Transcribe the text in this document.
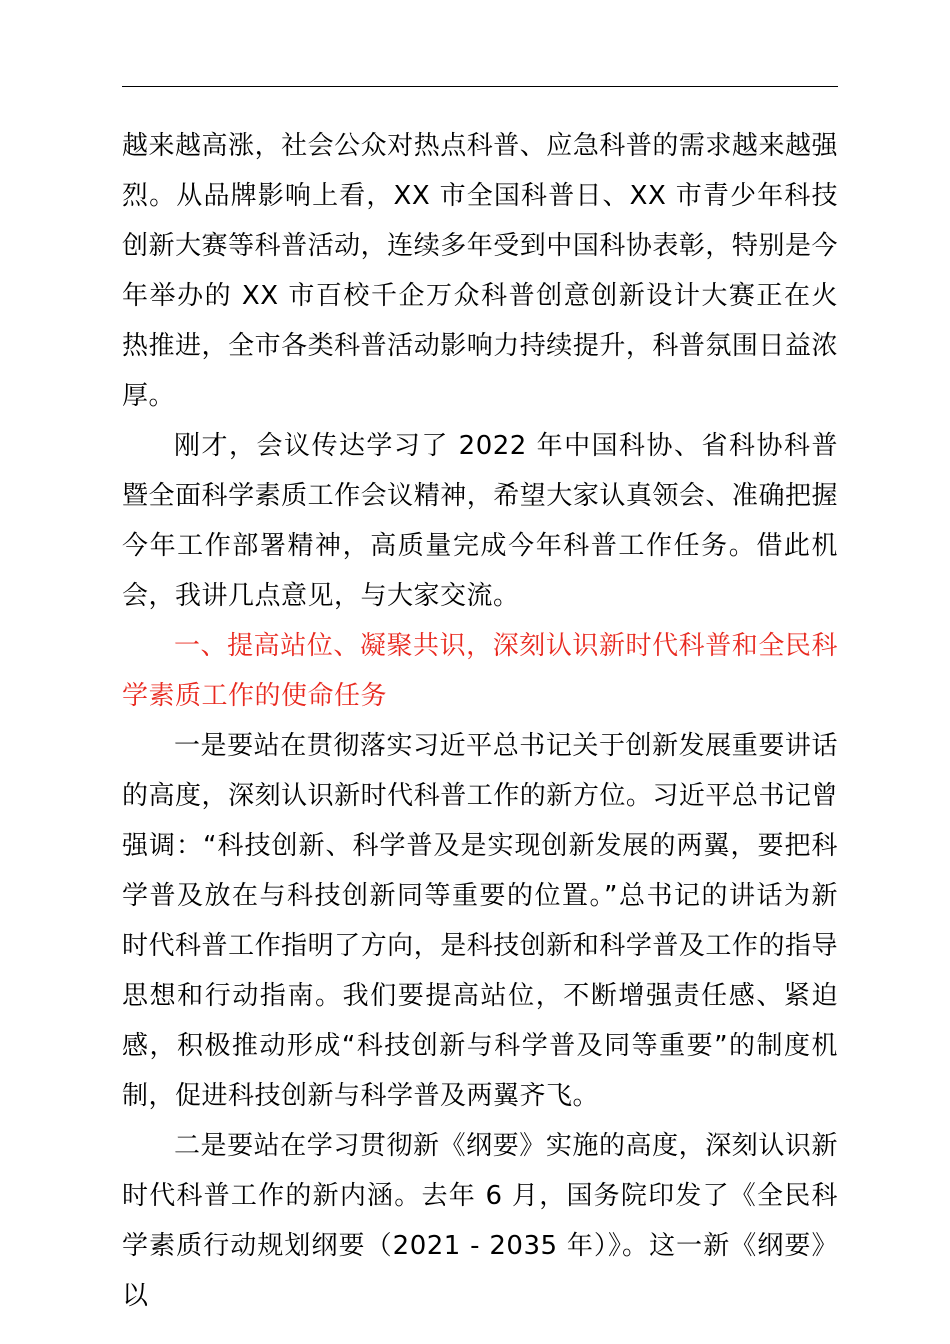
越来越高涨，社会公众对热点科普、应急科普的需求越来越强烈。从品牌影响上看，XX 市全国科普日、XX 市青少年科技创新大赛等科普活动，连续多年受到中国科协表彰，特别是今年举办的 XX 市百校千企万众科普创意创新设计大赛正在火热推进，全市各类科普活动影响力持续提升，科普氛围日益浓厚。

刚才，会议传达学习了 2022 年中国科协、省科协科普暨全面科学素质工作会议精神，希望大家认真领会、准确把握今年工作部署精神，高质量完成今年科普工作任务。借此机会，我讲几点意见，与大家交流。

一、提高站位、凝聚共识，深刻认识新时代科普和全民科学素质工作的使命任务

一是要站在贯彻落实习近平总书记关于创新发展重要讲话的高度，深刻认识新时代科普工作的新方位。习近平总书记曾强调：“科技创新、科学普及是实现创新发展的两翼，要把科学普及放在与科技创新同等重要的位置。”总书记的讲话为新时代科普工作指明了方向，是科技创新和科学普及工作的指导思想和行动指南。我们要提高站位，不断增强责任感、紧迫感，积极推动形成“科技创新与科学普及同等重要”的制度机制，促进科技创新与科学普及两翼齐飞。

二是要站在学习贯彻新《纲要》实施的高度，深刻认识新时代科普工作的新内涵。去年 6 月，国务院印发了《全民科学素质行动规划纲要（2021 - 2035 年）》。这一新《纲要》以
